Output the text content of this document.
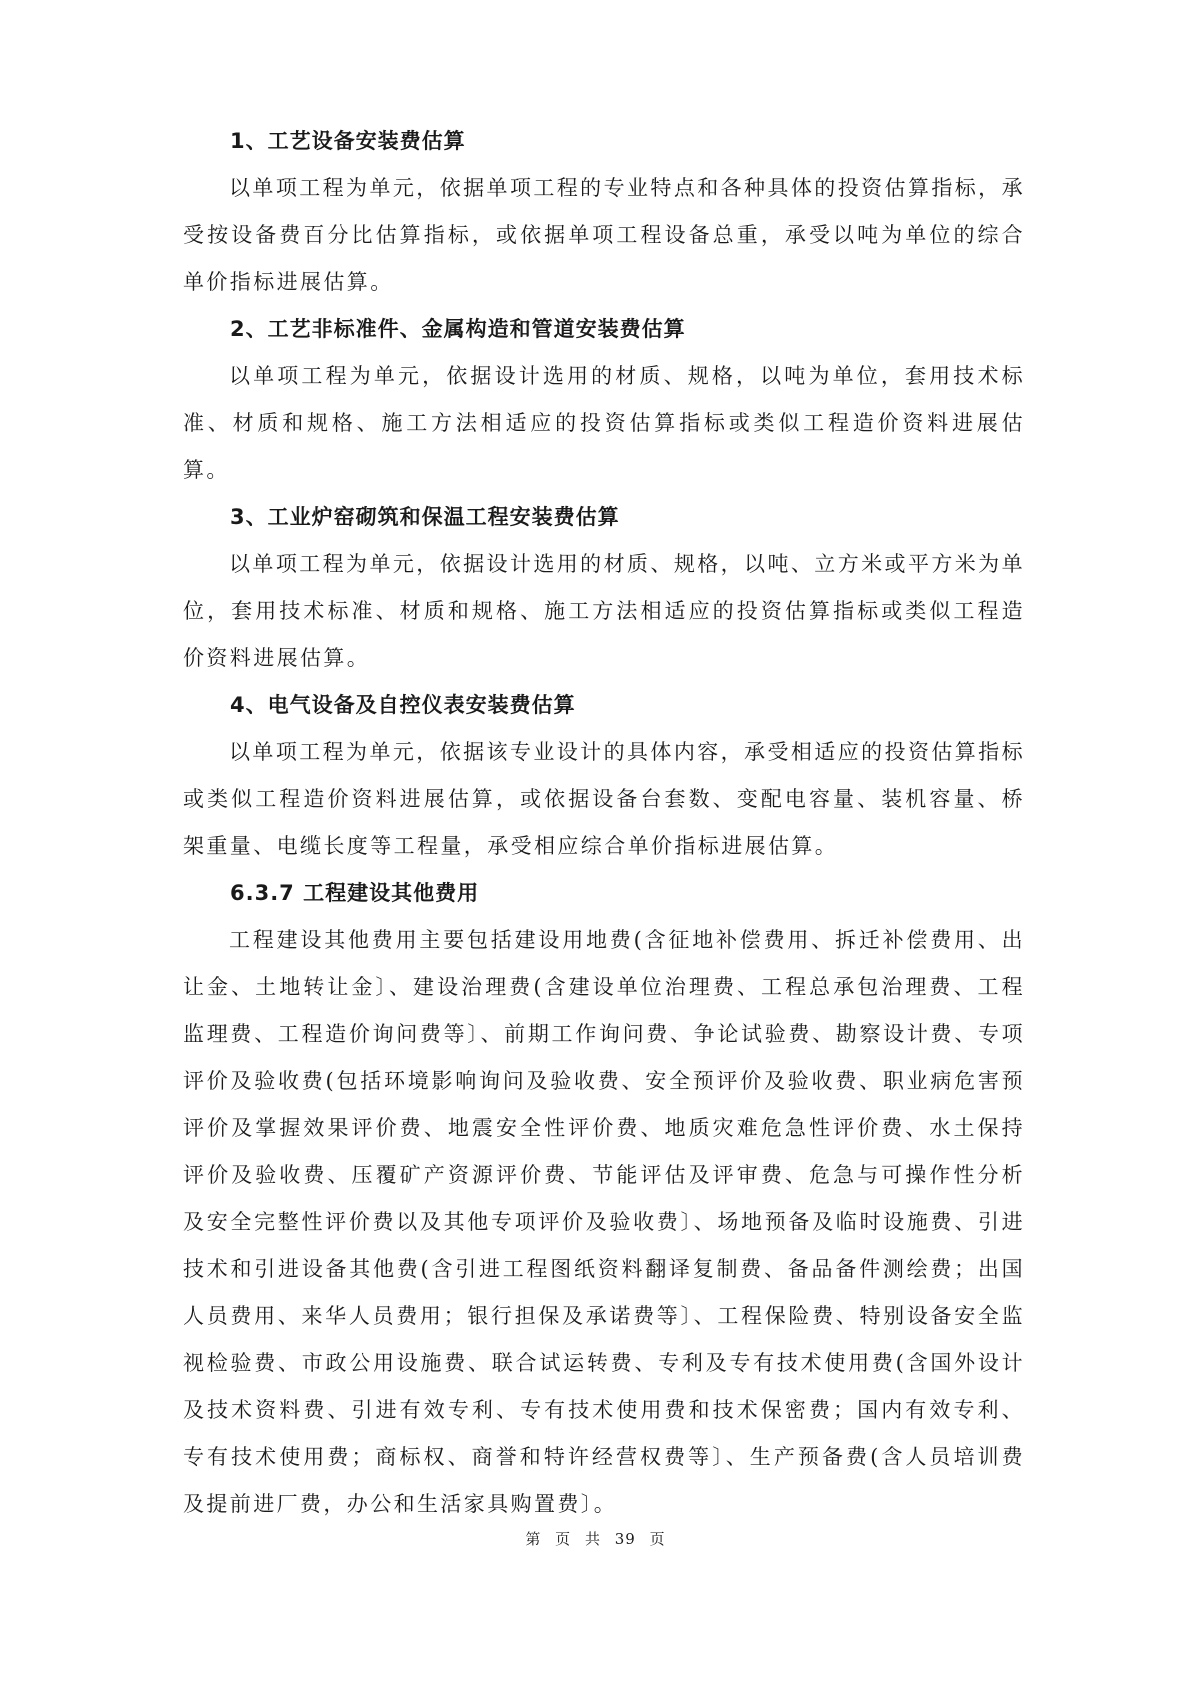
1、工艺设备安装费估算

以单项工程为单元，依据单项工程的专业特点和各种具体的投资估算指标，承受按设备费百分比估算指标，或依据单项工程设备总重，承受以吨为单位的综合单价指标进展估算。

2、工艺非标准件、金属构造和管道安装费估算

以单项工程为单元，依据设计选用的材质、规格，以吨为单位，套用技术标准、材质和规格、施工方法相适应的投资估算指标或类似工程造价资料进展估算。

3、工业炉窑砌筑和保温工程安装费估算

以单项工程为单元，依据设计选用的材质、规格，以吨、立方米或平方米为单位，套用技术标准、材质和规格、施工方法相适应的投资估算指标或类似工程造价资料进展估算。

4、电气设备及自控仪表安装费估算

以单项工程为单元，依据该专业设计的具体内容，承受相适应的投资估算指标或类似工程造价资料进展估算，或依据设备台套数、变配电容量、装机容量、桥架重量、电缆长度等工程量，承受相应综合单价指标进展估算。

6.3.7 工程建设其他费用

工程建设其他费用主要包括建设用地费(含征地补偿费用、拆迁补偿费用、出让金、土地转让金〕、建设治理费(含建设单位治理费、工程总承包治理费、工程监理费、工程造价询问费等〕、前期工作询问费、争论试验费、勘察设计费、专项评价及验收费(包括环境影响询问及验收费、安全预评价及验收费、职业病危害预评价及掌握效果评价费、地震安全性评价费、地质灾难危急性评价费、水土保持评价及验收费、压覆矿产资源评价费、节能评估及评审费、危急与可操作性分析及安全完整性评价费以及其他专项评价及验收费〕、场地预备及临时设施费、引进技术和引进设备其他费(含引进工程图纸资料翻译复制费、备品备件测绘费；出国人员费用、来华人员费用；银行担保及承诺费等〕、工程保险费、特别设备安全监视检验费、市政公用设施费、联合试运转费、专利及专有技术使用费(含国外设计及技术资料费、引进有效专利、专有技术使用费和技术保密费；国内有效专利、专有技术使用费；商标权、商誉和特许经营权费等〕、生产预备费(含人员培训费及提前进厂费，办公和生活家具购置费〕。

第 页 共 39 页
